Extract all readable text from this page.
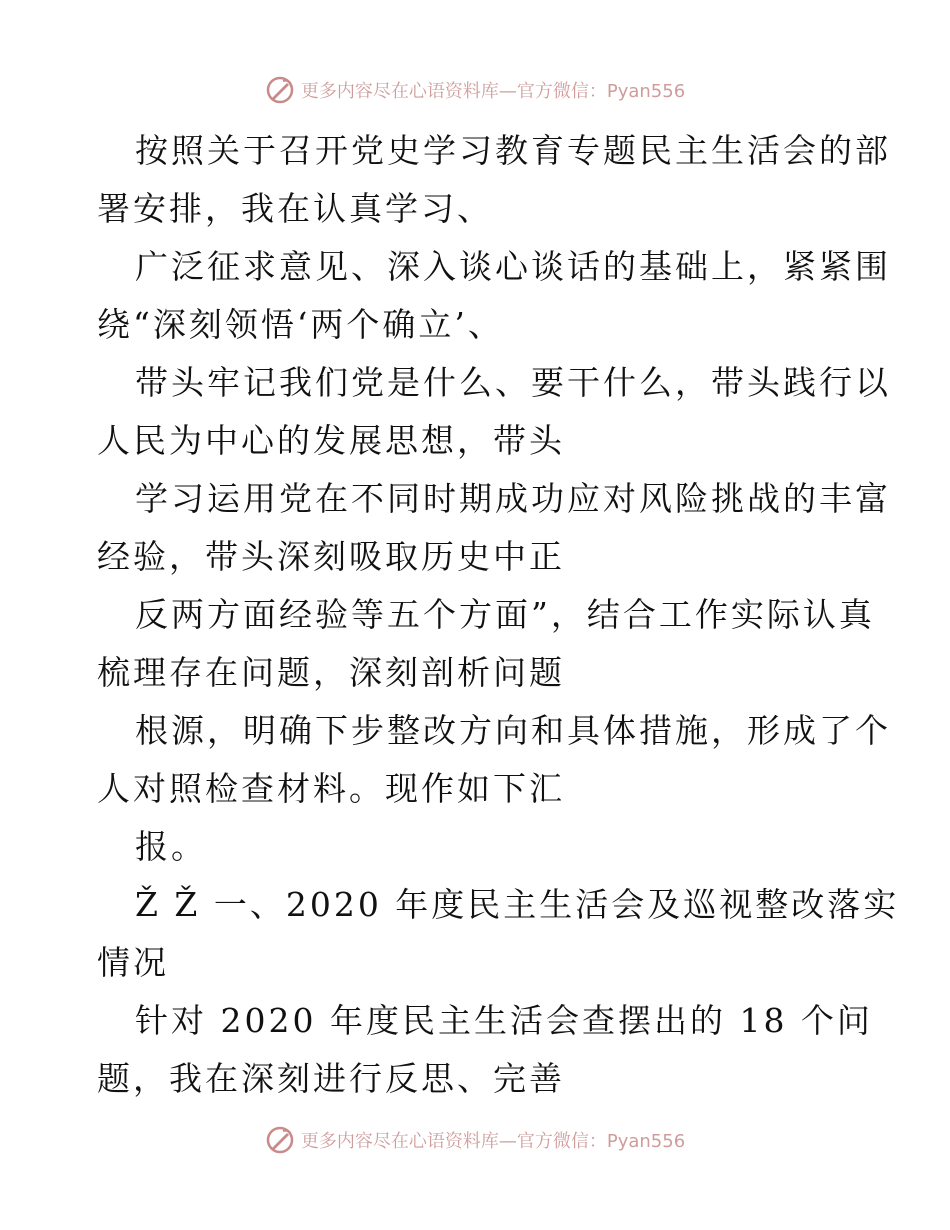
更多内容尽在心语资料库—官方微信：Pyan556
按照关于召开党史学习教育专题民主生活会的部
署安排，我在认真学习、
广泛征求意见、深入谈心谈话的基础上，紧紧围
绕“深刻领悟‘两个确立’、
带头牢记我们党是什么、要干什么，带头践行以
人民为中心的发展思想，带头
学习运用党在不同时期成功应对风险挑战的丰富
经验，带头深刻吸取历史中正
反两方面经验等五个方面”，结合工作实际认真
梳理存在问题，深刻剖析问题
根源，明确下步整改方向和具体措施，形成了个
人对照检查材料。现作如下汇
报。
Ž Ž 一、2020 年度民主生活会及巡视整改落实
情况
针对 2020 年度民主生活会查摆出的 18 个问
题，我在深刻进行反思、完善
更多内容尽在心语资料库—官方微信：Pyan556
